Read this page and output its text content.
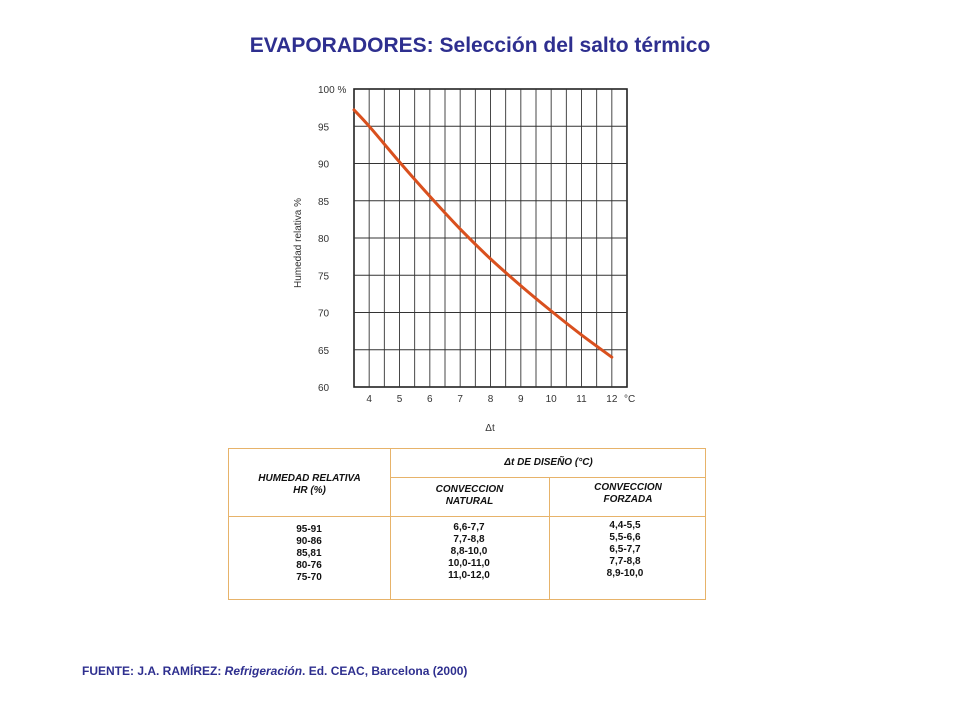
EVAPORADORES: Selección del salto térmico
100 %
95
90
85
80
75
70
65
60
4 5 6 7 8 9 10 11 12
Humedad relativa %
°C
Δt
HUMEDAD RELATIVA
HR (%)
Δt DE DISEÑO (°C)
CONVECCION
NATURAL
CONVECCION
FORZADA
95-91
90-86
85,81
80-76
75-70
6,6-7,7
7,7-8,8
8,8-10,0
10,0-11,0
11,0-12,0
4,4-5,5
5,5-6,6
6,5-7,7
7,7-8,8
8,9-10,0
FUENTE: J.A. RAMÍREZ: Refrigeración. Ed. CEAC, Barcelona (2000)
